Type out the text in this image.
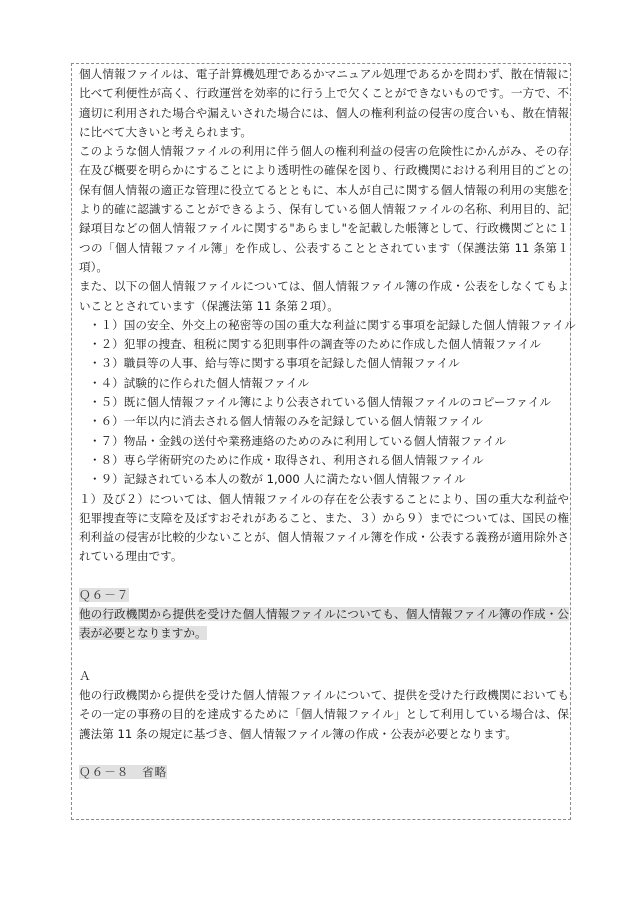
個人情報ファイルは、電子計算機処理であるかマニュアル処理であるかを問わず、散在情報に比べて利便性が高く、行政運営を効率的に行う上で欠くことができないものです。一方で、不適切に利用された場合や漏えいされた場合には、個人の権利利益の侵害の度合いも、散在情報に比べて大きいと考えられます。

このような個人情報ファイルの利用に伴う個人の権利利益の侵害の危険性にかんがみ、その存在及び概要を明らかにすることにより透明性の確保を図り、行政機関における利用目的ごとの保有個人情報の適正な管理に役立てるとともに、本人が自己に関する個人情報の利用の実態をより的確に認識することができるよう、保有している個人情報ファイルの名称、利用目的、記録項目などの個人情報ファイルに関する"あらまし"を記載した帳簿として、行政機関ごとに１つの「個人情報ファイル簿」を作成し、公表することとされています（保護法第 11 条第１項）。

また、以下の個人情報ファイルについては、個人情報ファイル簿の作成・公表をしなくてもよいこととされています（保護法第 11 条第２項）。

・１）国の安全、外交上の秘密等の国の重大な利益に関する事項を記録した個人情報ファイル
・２）犯罪の捜査、租税に関する犯則事件の調査等のために作成した個人情報ファイル
・３）職員等の人事、給与等に関する事項を記録した個人情報ファイル
・４）試験的に作られた個人情報ファイル
・５）既に個人情報ファイル簿により公表されている個人情報ファイルのコピーファイル
・６）一年以内に消去される個人情報のみを記録している個人情報ファイル
・７）物品・金銭の送付や業務連絡のためのみに利用している個人情報ファイル
・８）専ら学術研究のために作成・取得され、利用される個人情報ファイル
・９）記録されている本人の数が 1,000 人に満たない個人情報ファイル

１）及び２）については、個人情報ファイルの存在を公表することにより、国の重大な利益や犯罪捜査等に支障を及ぼすおそれがあること、また、３）から９）までについては、国民の権利利益の侵害が比較的少ないことが、個人情報ファイル簿を作成・公表する義務が適用除外されている理由です。

Ｑ６－７

他の行政機関から提供を受けた個人情報ファイルについても、個人情報ファイル簿の作成・公表が必要となりますか。

Ａ

他の行政機関から提供を受けた個人情報ファイルについて、提供を受けた行政機関においてもその一定の事務の目的を達成するために「個人情報ファイル」として利用している場合は、保護法第 11 条の規定に基づき、個人情報ファイル簿の作成・公表が必要となります。

Ｑ６－８　省略
